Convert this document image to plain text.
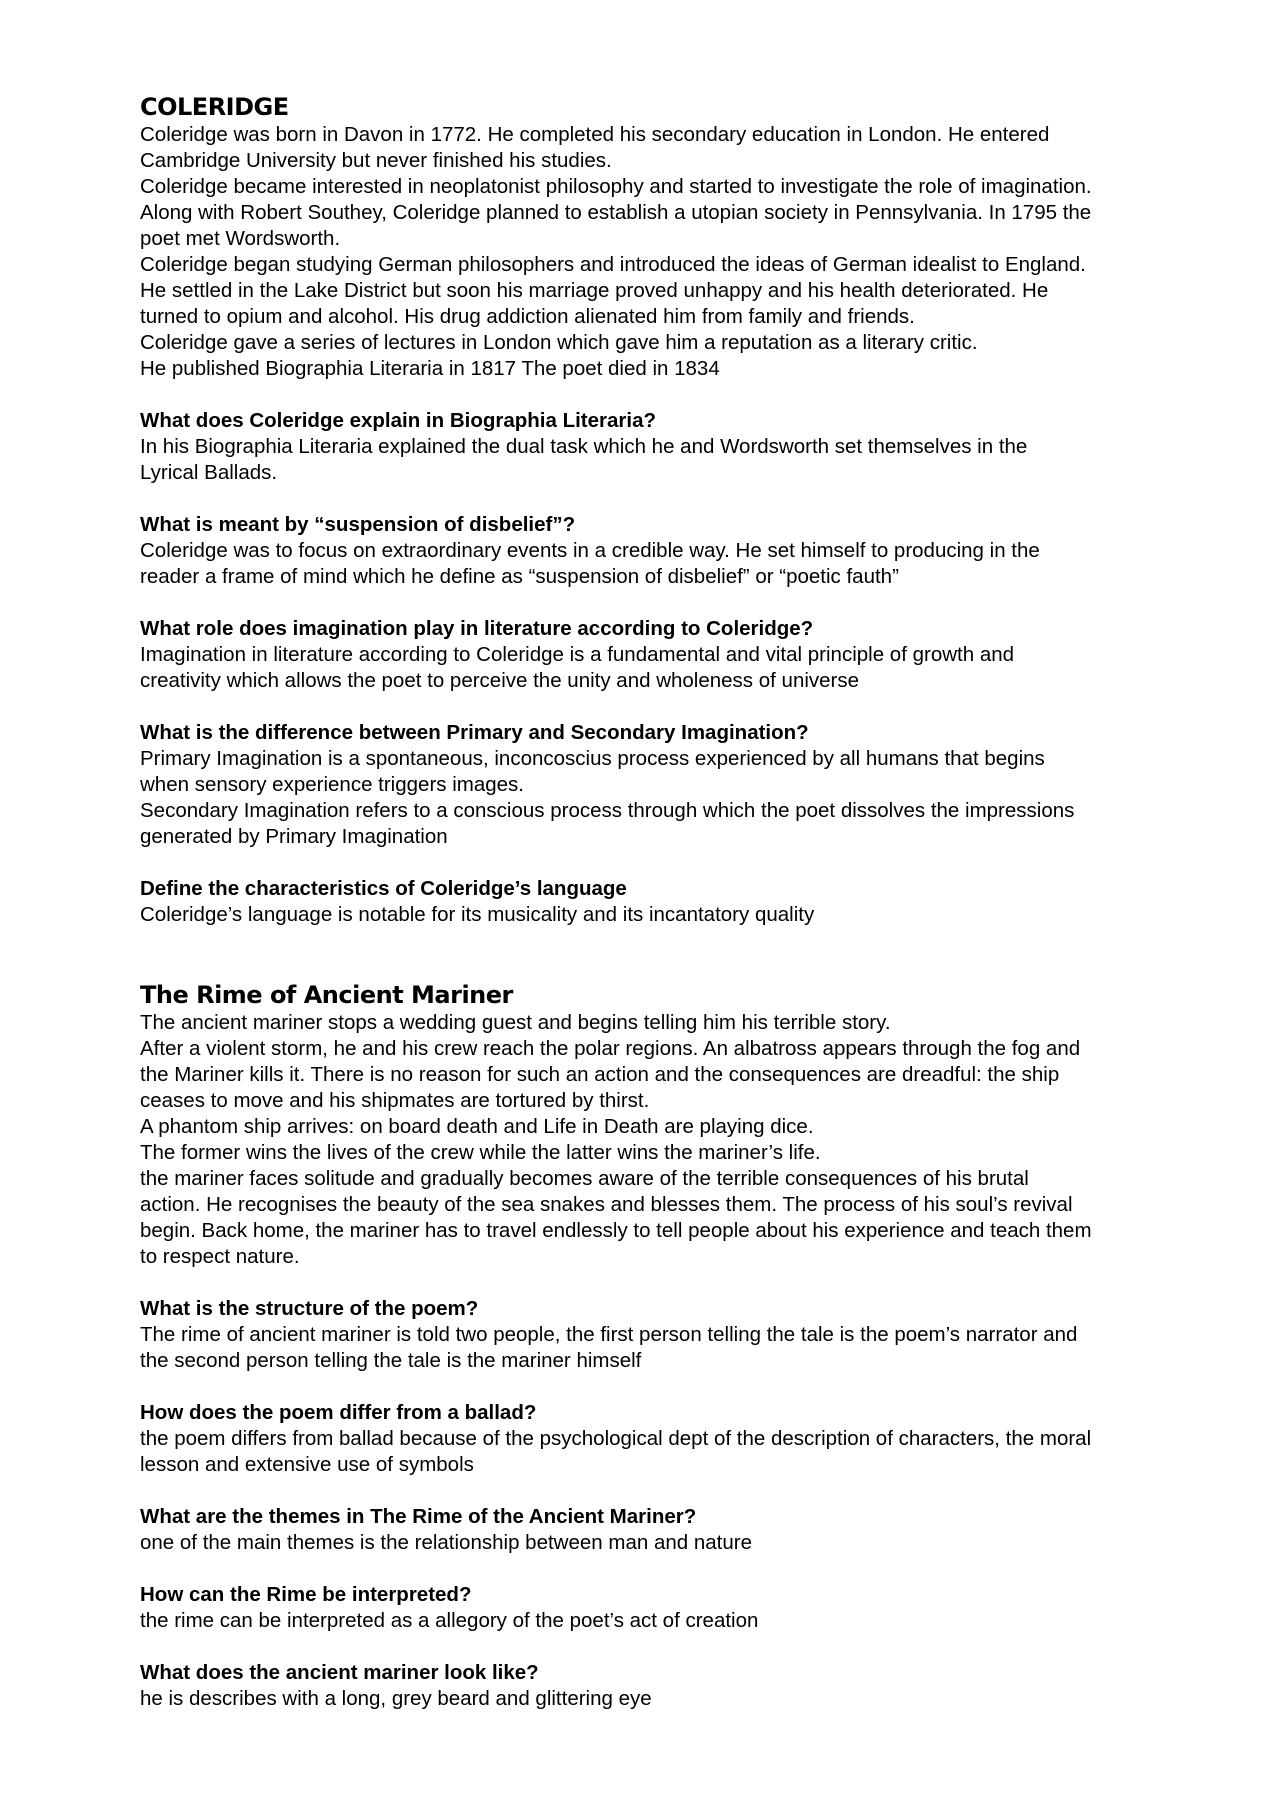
COLERIDGE

Coleridge was born in Davon in 1772. He completed his secondary education in London. He entered

Cambridge University but never finished his studies.

Coleridge became interested in neoplatonist philosophy and started to investigate the role of imagination.

Along with Robert Southey, Coleridge planned to establish a utopian society in Pennsylvania. In 1795 the

poet met Wordsworth.

Coleridge began studying German philosophers and introduced the ideas of German idealist to England.

He settled in the Lake District but soon his marriage proved unhappy and his health deteriorated. He

turned to opium and alcohol. His drug addiction alienated him from family and friends.

Coleridge gave a series of lectures in London which gave him a reputation as a literary critic.

He published Biographia Literaria in 1817 The poet died in 1834

What does Coleridge explain in Biographia Literaria?

In his Biographia Literaria explained the dual task which he and Wordsworth set themselves in the

Lyrical Ballads.

What is meant by “suspension of disbelief”?

Coleridge was to focus on extraordinary events in a credible way. He set himself to producing in the

reader a frame of mind which he define as “suspension of disbelief” or “poetic fauth”

What role does imagination play in literature according to Coleridge?

Imagination in literature according to Coleridge is a fundamental and vital principle of growth and

creativity which allows the poet to perceive the unity and wholeness of universe

What is the difference between Primary and Secondary Imagination?

Primary Imagination is a spontaneous, inconcoscius process experienced by all humans that begins

when sensory experience triggers images.

Secondary Imagination refers to a conscious process through which the poet dissolves the impressions

generated by Primary Imagination

Define the characteristics of Coleridge’s language

Coleridge’s language is notable for its musicality and its incantatory quality

The Rime of Ancient Mariner

The ancient mariner stops a wedding guest and begins telling him his terrible story.

After a violent storm, he and his crew reach the polar regions. An albatross appears through the fog and

the Mariner kills it. There is no reason for such an action and the consequences are dreadful: the ship

ceases to move and his shipmates are tortured by thirst.

A phantom ship arrives: on board death and Life in Death are playing dice.

The former wins the lives of the crew while the latter wins the mariner’s life.

the mariner faces solitude and gradually becomes aware of the terrible consequences of his brutal

action. He recognises the beauty of the sea snakes and blesses them. The process of his soul’s revival

begin. Back home, the mariner has to travel endlessly to tell people about his experience and teach them

to respect nature.

What is the structure of the poem?

The rime of ancient mariner is told two people, the first person telling the tale is the poem’s narrator and

the second person telling the tale is the mariner himself

How does the poem differ from a ballad?

the poem differs from ballad because of the psychological dept of the description of characters, the moral

lesson and extensive use of symbols

What are the themes in The Rime of the Ancient Mariner?

one of the main themes is the relationship between man and nature

How can the Rime be interpreted?

the rime can be interpreted as a allegory of the poet’s act of creation

What does the ancient mariner look like?

he is describes with a long, grey beard and glittering eye
